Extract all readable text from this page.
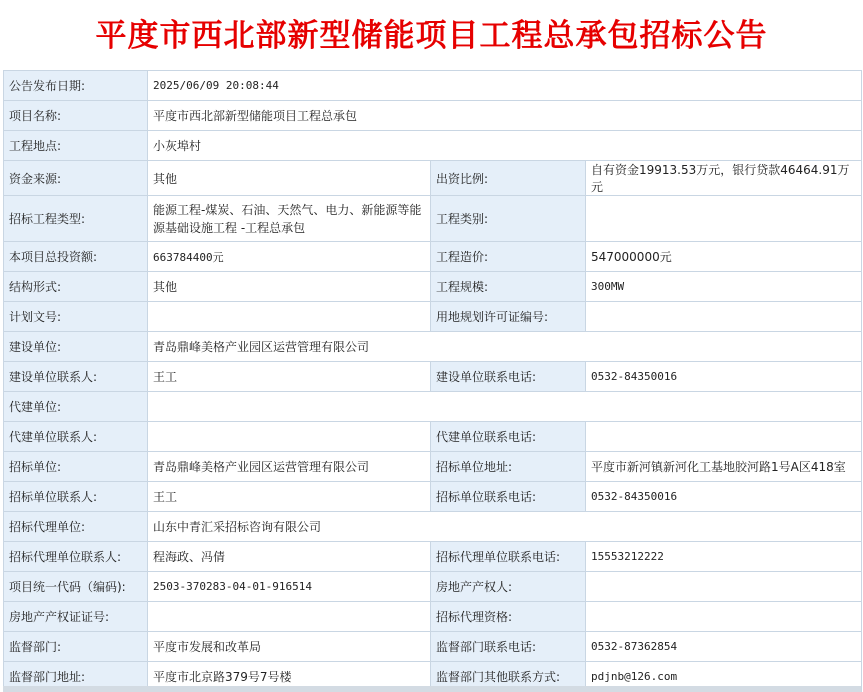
平度市西北部新型储能项目工程总承包招标公告
公告发布日期:	2025/06/09 20:08:44		
项目名称:	平度市西北部新型储能项目工程总承包		
工程地点:	小灰埠村		
资金来源:	其他	出资比例:	自有资金19913.53万元，银行贷款46464.91万元
招标工程类型:	能源工程-煤炭、石油、天然气、电力、新能源等能源基础设施工程 -工程总承包	工程类别:	
本项目总投资额:	663784400元	工程造价:	547000000元
结构形式:	其他	工程规模:	300MW
计划文号:		用地规划许可证编号:	
建设单位:	青岛鼎峰美格产业园区运营管理有限公司		
建设单位联系人:	王工	建设单位联系电话:	0532-84350016
代建单位:			
代建单位联系人:		代建单位联系电话:	
招标单位:	青岛鼎峰美格产业园区运营管理有限公司	招标单位地址:	平度市新河镇新河化工基地胶河路1号A区418室
招标单位联系人:	王工	招标单位联系电话:	0532-84350016
招标代理单位:	山东中青汇采招标咨询有限公司		
招标代理单位联系人:	程海政、冯倩	招标代理单位联系电话:	15553212222
项目统一代码（编码):	2503-370283-04-01-916514	房地产产权人:	
房地产产权证证号:		招标代理资格:	
监督部门:	平度市发展和改革局	监督部门联系电话:	0532-87362854
监督部门地址:	平度市北京路379号7号楼	监督部门其他联系方式:	pdjnb@126.com
